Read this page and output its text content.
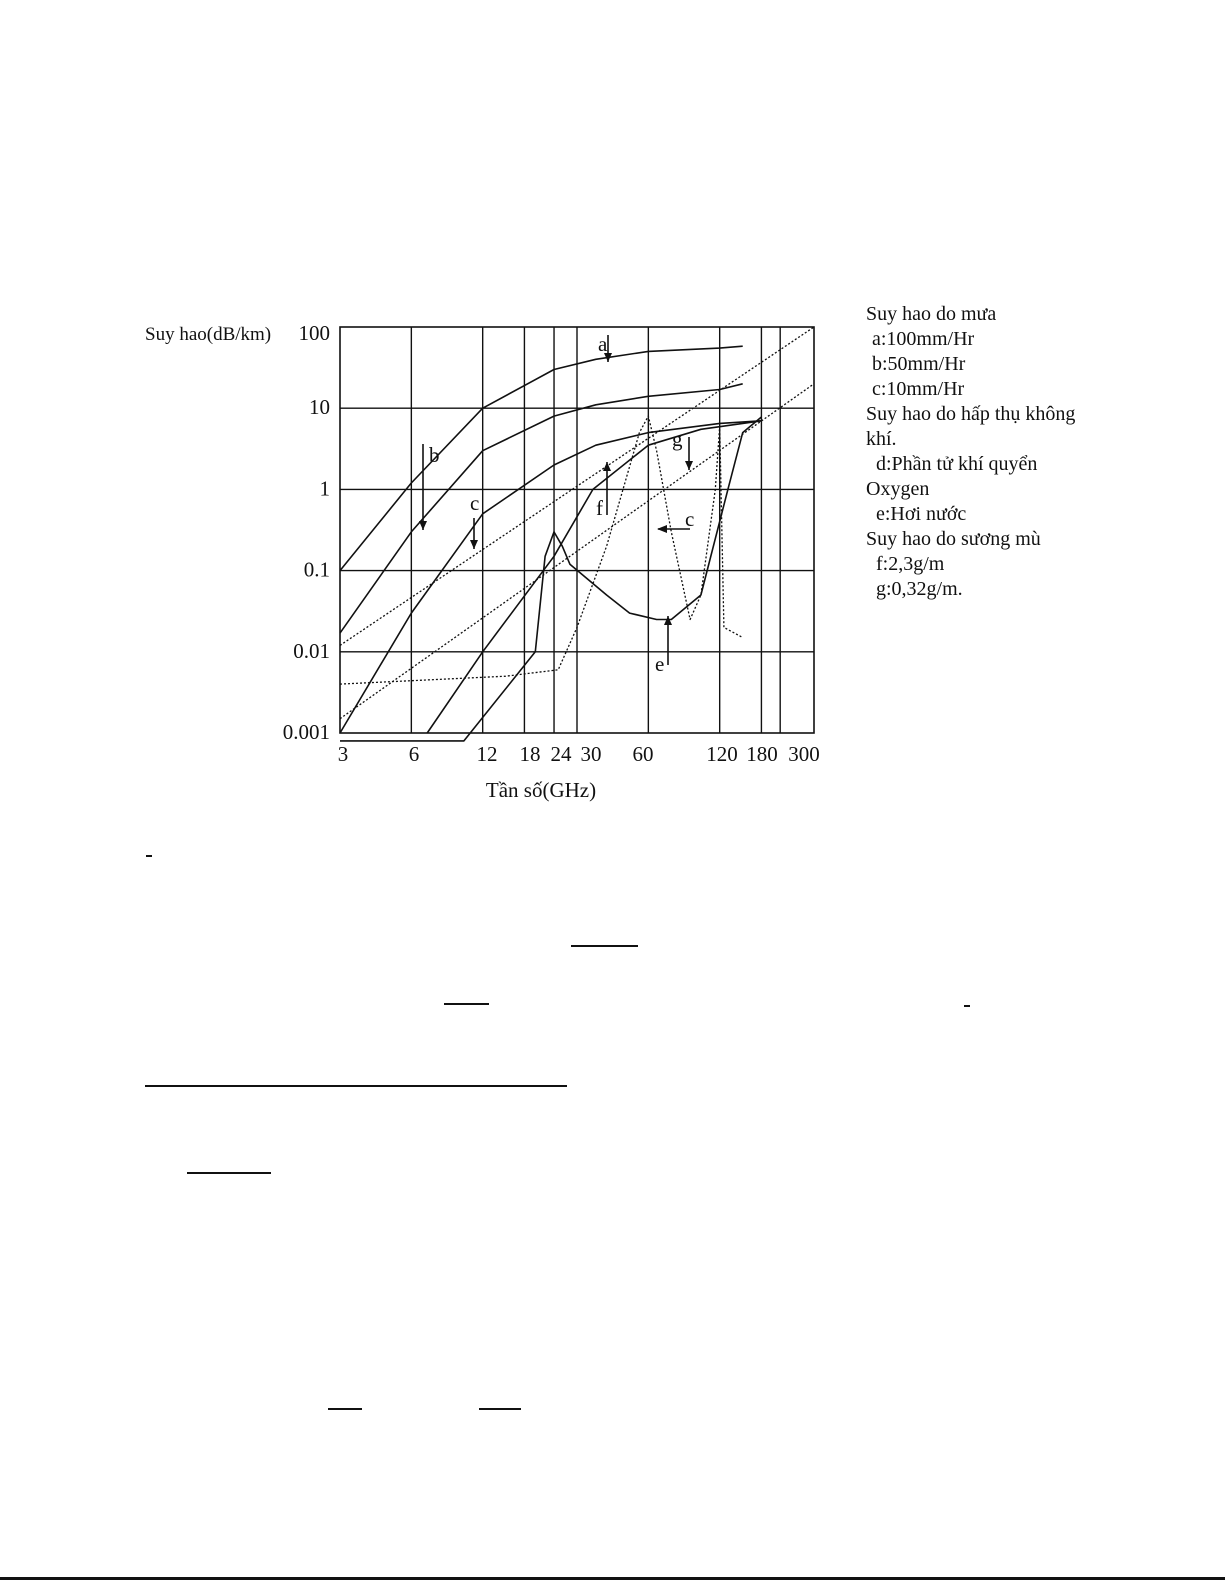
a
b
c	f
g
e
c
3	6	12 18 24 30 60	120 180 300
100
10
1
0.1
0.01
0.001
Suy hao(dB/km)
Tần số(GHz)
Suy hao do mưa
a:100mm/Hr
b:50mm/Hr
c:10mm/Hr
Suy hao do hấp thụ không
khí.
d:Phần tử khí quyển
Oxygen
e:Hơi nước
Suy hao do sương mù
f:2,3g/m
g:0,32g/m.
